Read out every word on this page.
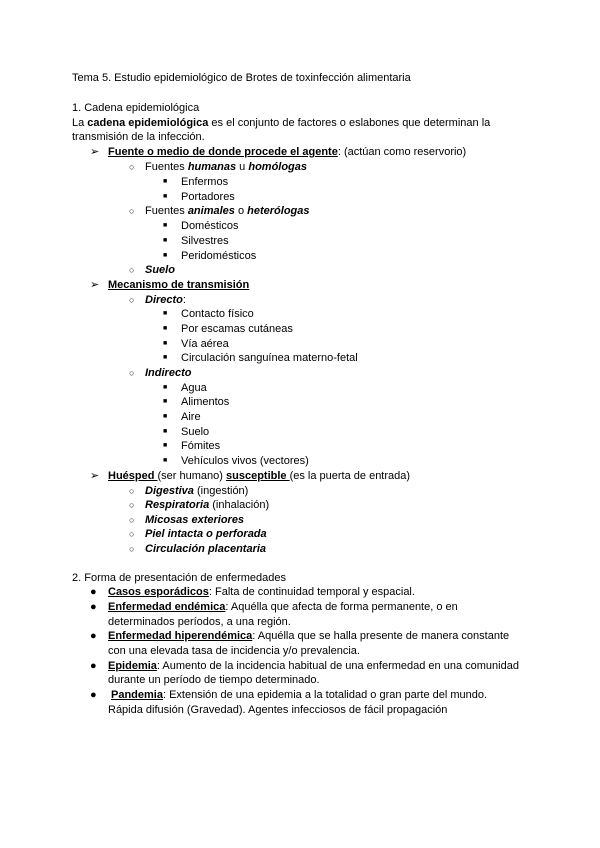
Tema 5. Estudio epidemiológico de Brotes de toxinfección alimentaria
1. Cadena epidemiológica
La cadena epidemiológica es el conjunto de factores o eslabones que determinan la
transmisión de la infección.
➢ Fuente o medio de donde procede el agente: (actúan como reservorio)
○ Fuentes humanas u homólogas
■ Enfermos
■ Portadores
○ Fuentes animales o heterólogas
■ Domésticos
■ Silvestres
■ Peridomésticos
○ Suelo
➢ Mecanismo de transmisión
○ Directo:
■ Contacto físico
■ Por escamas cutáneas
■ Vía aérea
■ Circulación sanguínea materno-fetal
○ Indirecto
■ Agua
■ Alimentos
■ Aire
■ Suelo
■ Fómites
■ Vehículos vivos (vectores)
➢ Huésped (ser humano) susceptible (es la puerta de entrada)
○ Digestiva (ingestión)
○ Respiratoria (inhalación)
○ Micosas exteriores
○ Piel intacta o perforada
○ Circulación placentaria
2. Forma de presentación de enfermedades
● Casos esporádicos: Falta de continuidad temporal y espacial.
● Enfermedad endémica: Aquélla que afecta de forma permanente, o en
determinados períodos, a una región.
● Enfermedad hiperendémica: Aquélla que se halla presente de manera constante
con una elevada tasa de incidencia y/o prevalencia.
● Epidemia: Aumento de la incidencia habitual de una enfermedad en una comunidad
durante un período de tiempo determinado.
● Pandemia: Extensión de una epidemia a la totalidad o gran parte del mundo.
Rápida difusión (Gravedad). Agentes infecciosos de fácil propagación
